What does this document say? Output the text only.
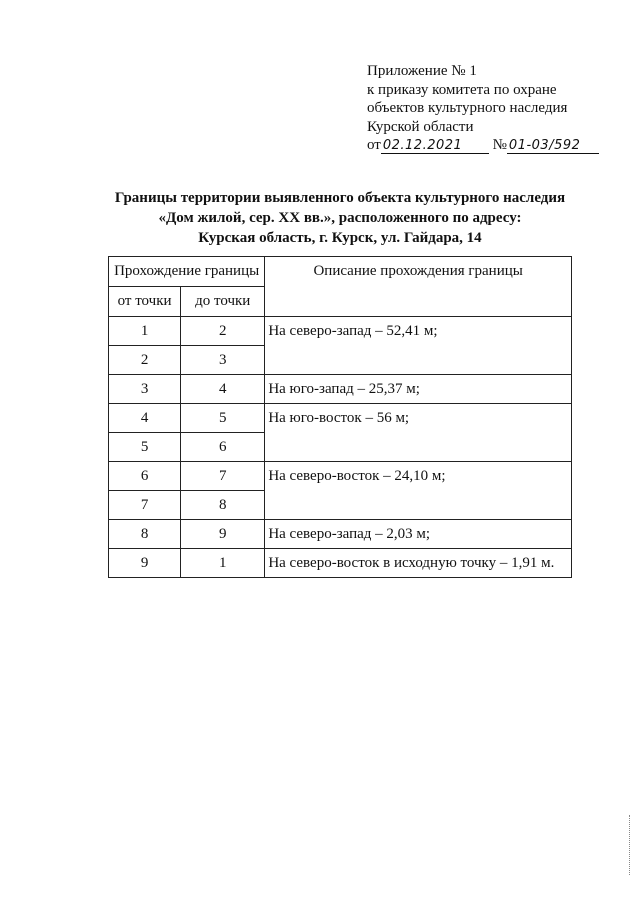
Приложение № 1
к приказу комитета по охране
объектов культурного наследия
Курской области
от 02.12.2021 № 01-03/592
Границы территории выявленного объекта культурного наследия
«Дом жилой, сер. XX вв.», расположенного по адресу:
Курская область, г. Курск, ул. Гайдара, 14
Прохождение границы		Описание прохождения границы
от точки	до точки	
1	2	На северо-запад – 52,41 м;
2	3	
3	4	На юго-запад – 25,37 м;
4	5	На юго-восток – 56 м;
5	6	
6	7	На северо-восток – 24,10 м;
7	8	
8	9	На северо-запад – 2,03 м;
9	1	На северо-восток в исходную точку – 1,91 м.
